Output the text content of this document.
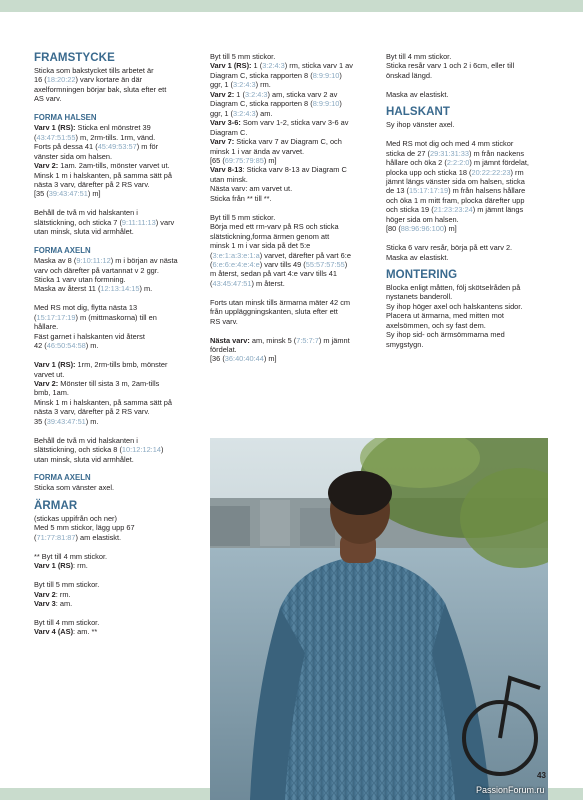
FRAMSTYCKE
Sticka som bakstycket tills arbetet är
16 (18:20:22) varv kortare än där
axelformningen börjar bak, sluta efter ett
AS varv.
FORMA HALSEN
Varv 1 (RS): Sticka enl mönstret 39
(43:47:51:55) m, 2rm-tills. 1rm, vänd.
Forts på dessa 41 (45:49:53:57) m för
vänster sida om halsen.
Varv 2: 1am. 2am-tills, mönster varvet ut.
Minsk 1 m i halskanten, på samma sätt på
nästa 3 varv, därefter på 2 RS varv.
[35 (39:43:47:51) m]
Behåll de två m vid halskanten i
slätstickning, och sticka 7 (9:11:11:13) varv
utan minsk, sluta vid armhålet.
FORMA AXELN
Maska av 8 (9:10:11:12) m i början av nästa
varv och därefter på vartannat v 2 ggr.
Sticka 1 varv utan formning.
Maska av återst 11 (12:13:14:15) m.
Med RS mot dig, flytta nästa 13
(15:17:17:19) m (mittmaskorna) till en
hållare.
Fäst garnet i halskanten vid återst
42 (46:50:54:58) m.
Varv 1 (RS): 1rm, 2rm-tills bmb, mönster
varvet ut.
Varv 2: Mönster till sista 3 m, 2am-tills
bmb, 1am.
Minsk 1 m i halskanten, på samma sätt på
nästa 3 varv, därefter på 2 RS varv.
35 (39:43:47:51) m.
Behåll de två m vid halskanten i
slätstickning, och sticka 8 (10:12:12:14)
utan minsk, sluta vid armhålet.
FORMA AXELN
Sticka som vänster axel.
ÄRMAR
(stickas uppifrån och ner)
Med 5 mm stickor, lägg upp 67
(71:77:81:87) am elastiskt.
** Byt till 4 mm stickor.
Varv 1 (RS): rm.
Byt till 5 mm stickor.
Varv 2: rm.
Varv 3: am.
Byt till 4 mm stickor.
Varv 4 (AS): am. **
Byt till 5 mm stickor.
Varv 1 (RS): 1 (3:2:4:3) rm, sticka varv 1 av
Diagram C, sticka rapporten 8 (8:9:9:10)
ggr, 1 (3:2:4:3) rm.
Varv 2: 1 (3:2:4:3) am, sticka varv 2 av
Diagram C, sticka rapporten 8 (8:9:9:10)
ggr, 1 (3:2:4:3) am.
Varv 3-6: Som varv 1-2, sticka varv 3-6 av
Diagram C.
Varv 7: Sticka varv 7 av Diagram C, och
minsk 1 i var ända av varvet.
[65 (69:75:79:85) m]
Varv 8-13: Sticka varv 8-13 av Diagram C
utan minsk.
Nästa varv: am varvet ut.
Sticka från ** till **.
Byt till 5 mm stickor.
Börja med ett rm-varv på RS och sticka
slätstickning,forma ärmen genom att
minsk 1 m i var sida på det 5:e
(3:e:1:a:3:e:1:a) varvet, därefter på vart 6:e
(6:e:6:e:4:e:4:e) varv tills 49 (55:57:57:55)
m återst, sedan på vart 4:e varv tills 41
(43:45:47:51) m återst.
Forts utan minsk tills ärmarna mäter 42 cm
från uppläggningskanten, sluta efter ett
RS varv.
Nästa varv: am, minsk 5 (7:5:7:7) m jämnt
fördelat.
[36 (36:40:40:44) m]
Byt till 4 mm stickor.
Sticka resår varv 1 och 2 i 6cm, eller till
önskad längd.
Maska av elastiskt.
HALSKANT
Sy ihop vänster axel.
Med RS mot dig och med 4 mm stickor
sticka de 27 (29:31:31:33) m från nackens
hållare och öka 2 (2:2:2:0) m jämnt fördelat,
plocka upp och sticka 18 (20:22:22:23) rm
jämnt längs vänster sida om halsen, sticka
de 13 (15:17:17:19) m från halsens hållare
och öka 1 m mitt fram, plocka därefter upp
och sticka 19 (21:23:23:24) m jämnt längs
höger sida om halsen.
[80 (88:96:96:100) m]
Sticka 6 varv resår, börja på ett varv 2.
Maska av elastiskt.
MONTERING
Blocka enligt måtten, följ skötselråden på
nystanets banderoll.
Sy ihop höger axel och halskantens sidor.
Placera ut ärmarna, med mitten mot
axelsömmen, och sy fast dem.
Sy ihop sid- och ärmsömmarna med
smygstygn.
43
PassionForum.ru
